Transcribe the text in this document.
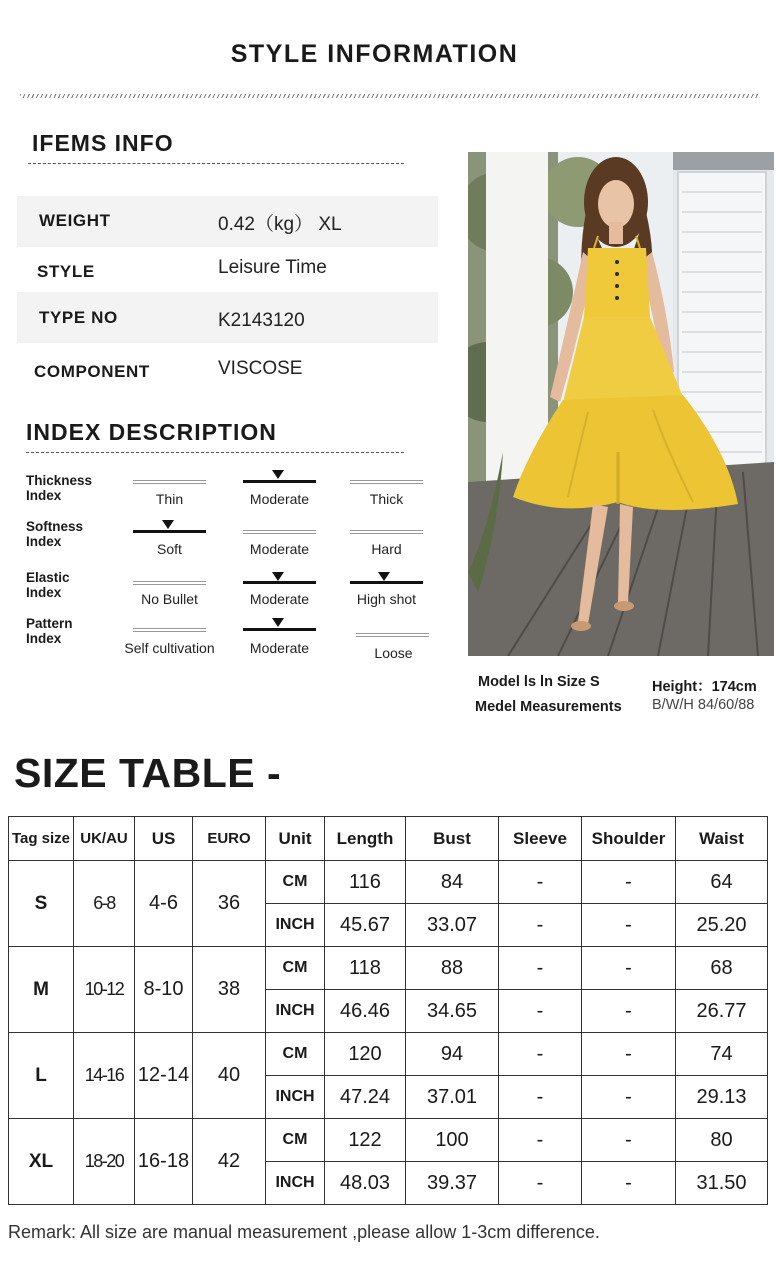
STYLE INFORMATION
IFEMS INFO
WEIGHT	0.42（kg） XL
STYLE	Leisure Time
TYPE NO	K2143120
COMPONENT	VISCOSE
INDEX DESCRIPTION
Thickness
Index	Thin	Moderate	Thick
Softness
Index	Soft	Moderate	Hard
Elastic
Index	No Bullet	Moderate	High shot
Pattern
Index
Self cultivation	Moderate	Loose
Model ls ln Size S	Height：174cm
Medel Measurements B/W/H 84/60/88
SIZE TABLE -
Tag size	UK/AU	US	EURO	Unit	Length	Bust	Sleeve	Shoulder	Waist
S	6-8	4-6	36	CM	116	84	-	-	64
				INCH	45.67	33.07	-	-	25.20
M	10-12	8-10	38	CM	118	88	-	-	68
				INCH	46.46	34.65	-	-	26.77
L	14-16	12-14	40	CM	120	94	-	-	74
				INCH	47.24	37.01	-	-	29.13
XL	18-20	16-18	42	CM	122	100	-	-	80
				INCH	48.03	39.37	-	-	31.50
Remark: All size are manual measurement ,please allow 1-3cm difference.
